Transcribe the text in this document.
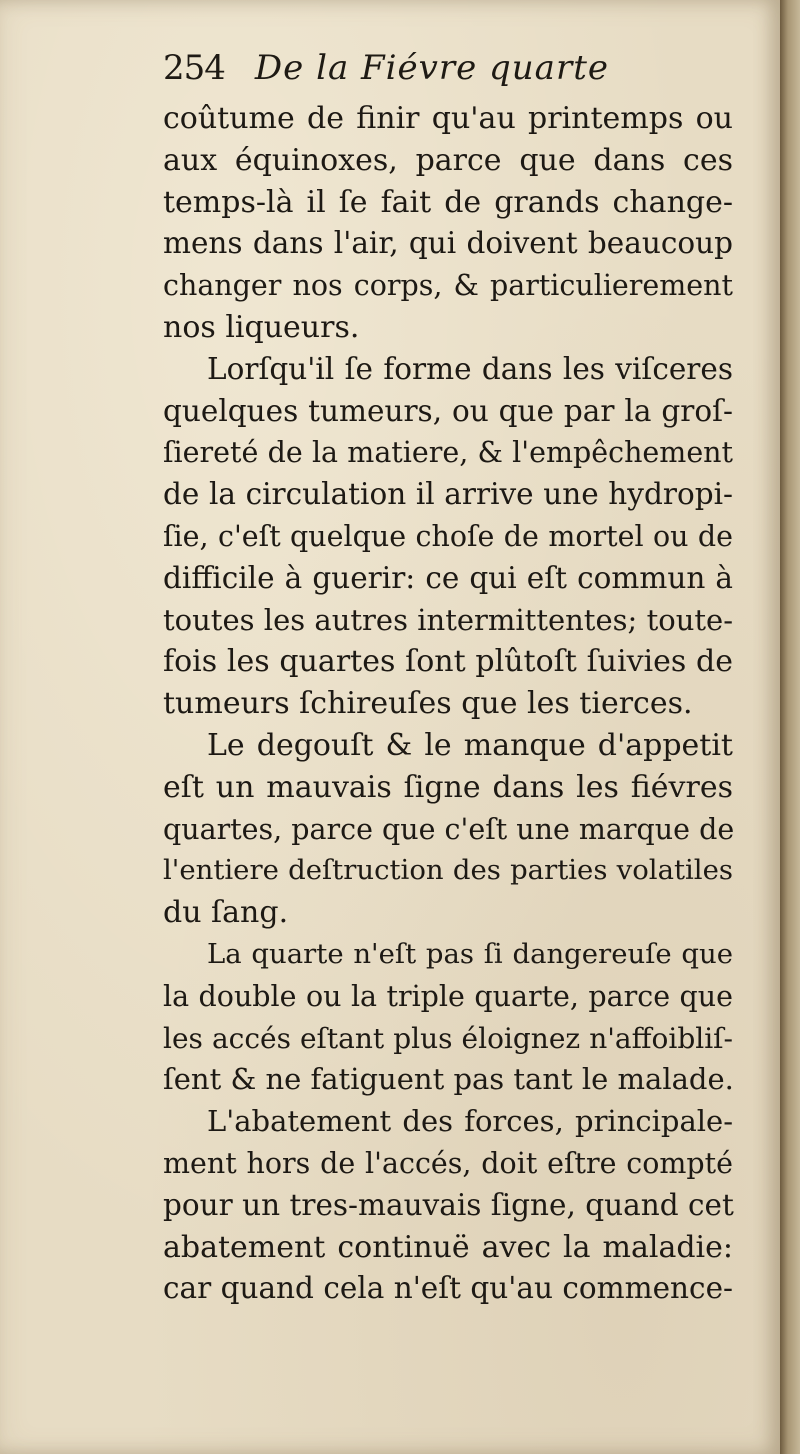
254 De la Fiévre quarte
coûtume de finir qu'au printemps ou
aux équinoxes, parce que dans ces
temps-là il ſe fait de grands change-
mens dans l'air, qui doivent beaucoup
changer nos corps, & particulierement
nos liqueurs.
Lorſqu'il ſe forme dans les viſceres
quelques tumeurs, ou que par la groſ-
ſiereté de la matiere, & l'empêchement
de la circulation il arrive une hydropi-
ſie, c'eſt quelque choſe de mortel ou de
difficile à guerir: ce qui eſt commun à
toutes les autres intermittentes; toute-
fois les quartes ſont plûtoſt ſuivies de
tumeurs ſchireuſes que les tierces.
Le degouſt & le manque d'appetit
eſt un mauvais ſigne dans les fiévres
quartes, parce que c'eſt une marque de
l'entiere deſtruction des parties volatiles
du ſang.
La quarte n'eſt pas ſi dangereuſe que
la double ou la triple quarte, parce que
les accés eſtant plus éloignez n'affoibliſ-
ſent & ne fatiguent pas tant le malade.
L'abatement des forces, principale-
ment hors de l'accés, doit eſtre compté
pour un tres-mauvais ſigne, quand cet
abatement continuë avec la maladie:
car quand cela n'eſt qu'au commence-
